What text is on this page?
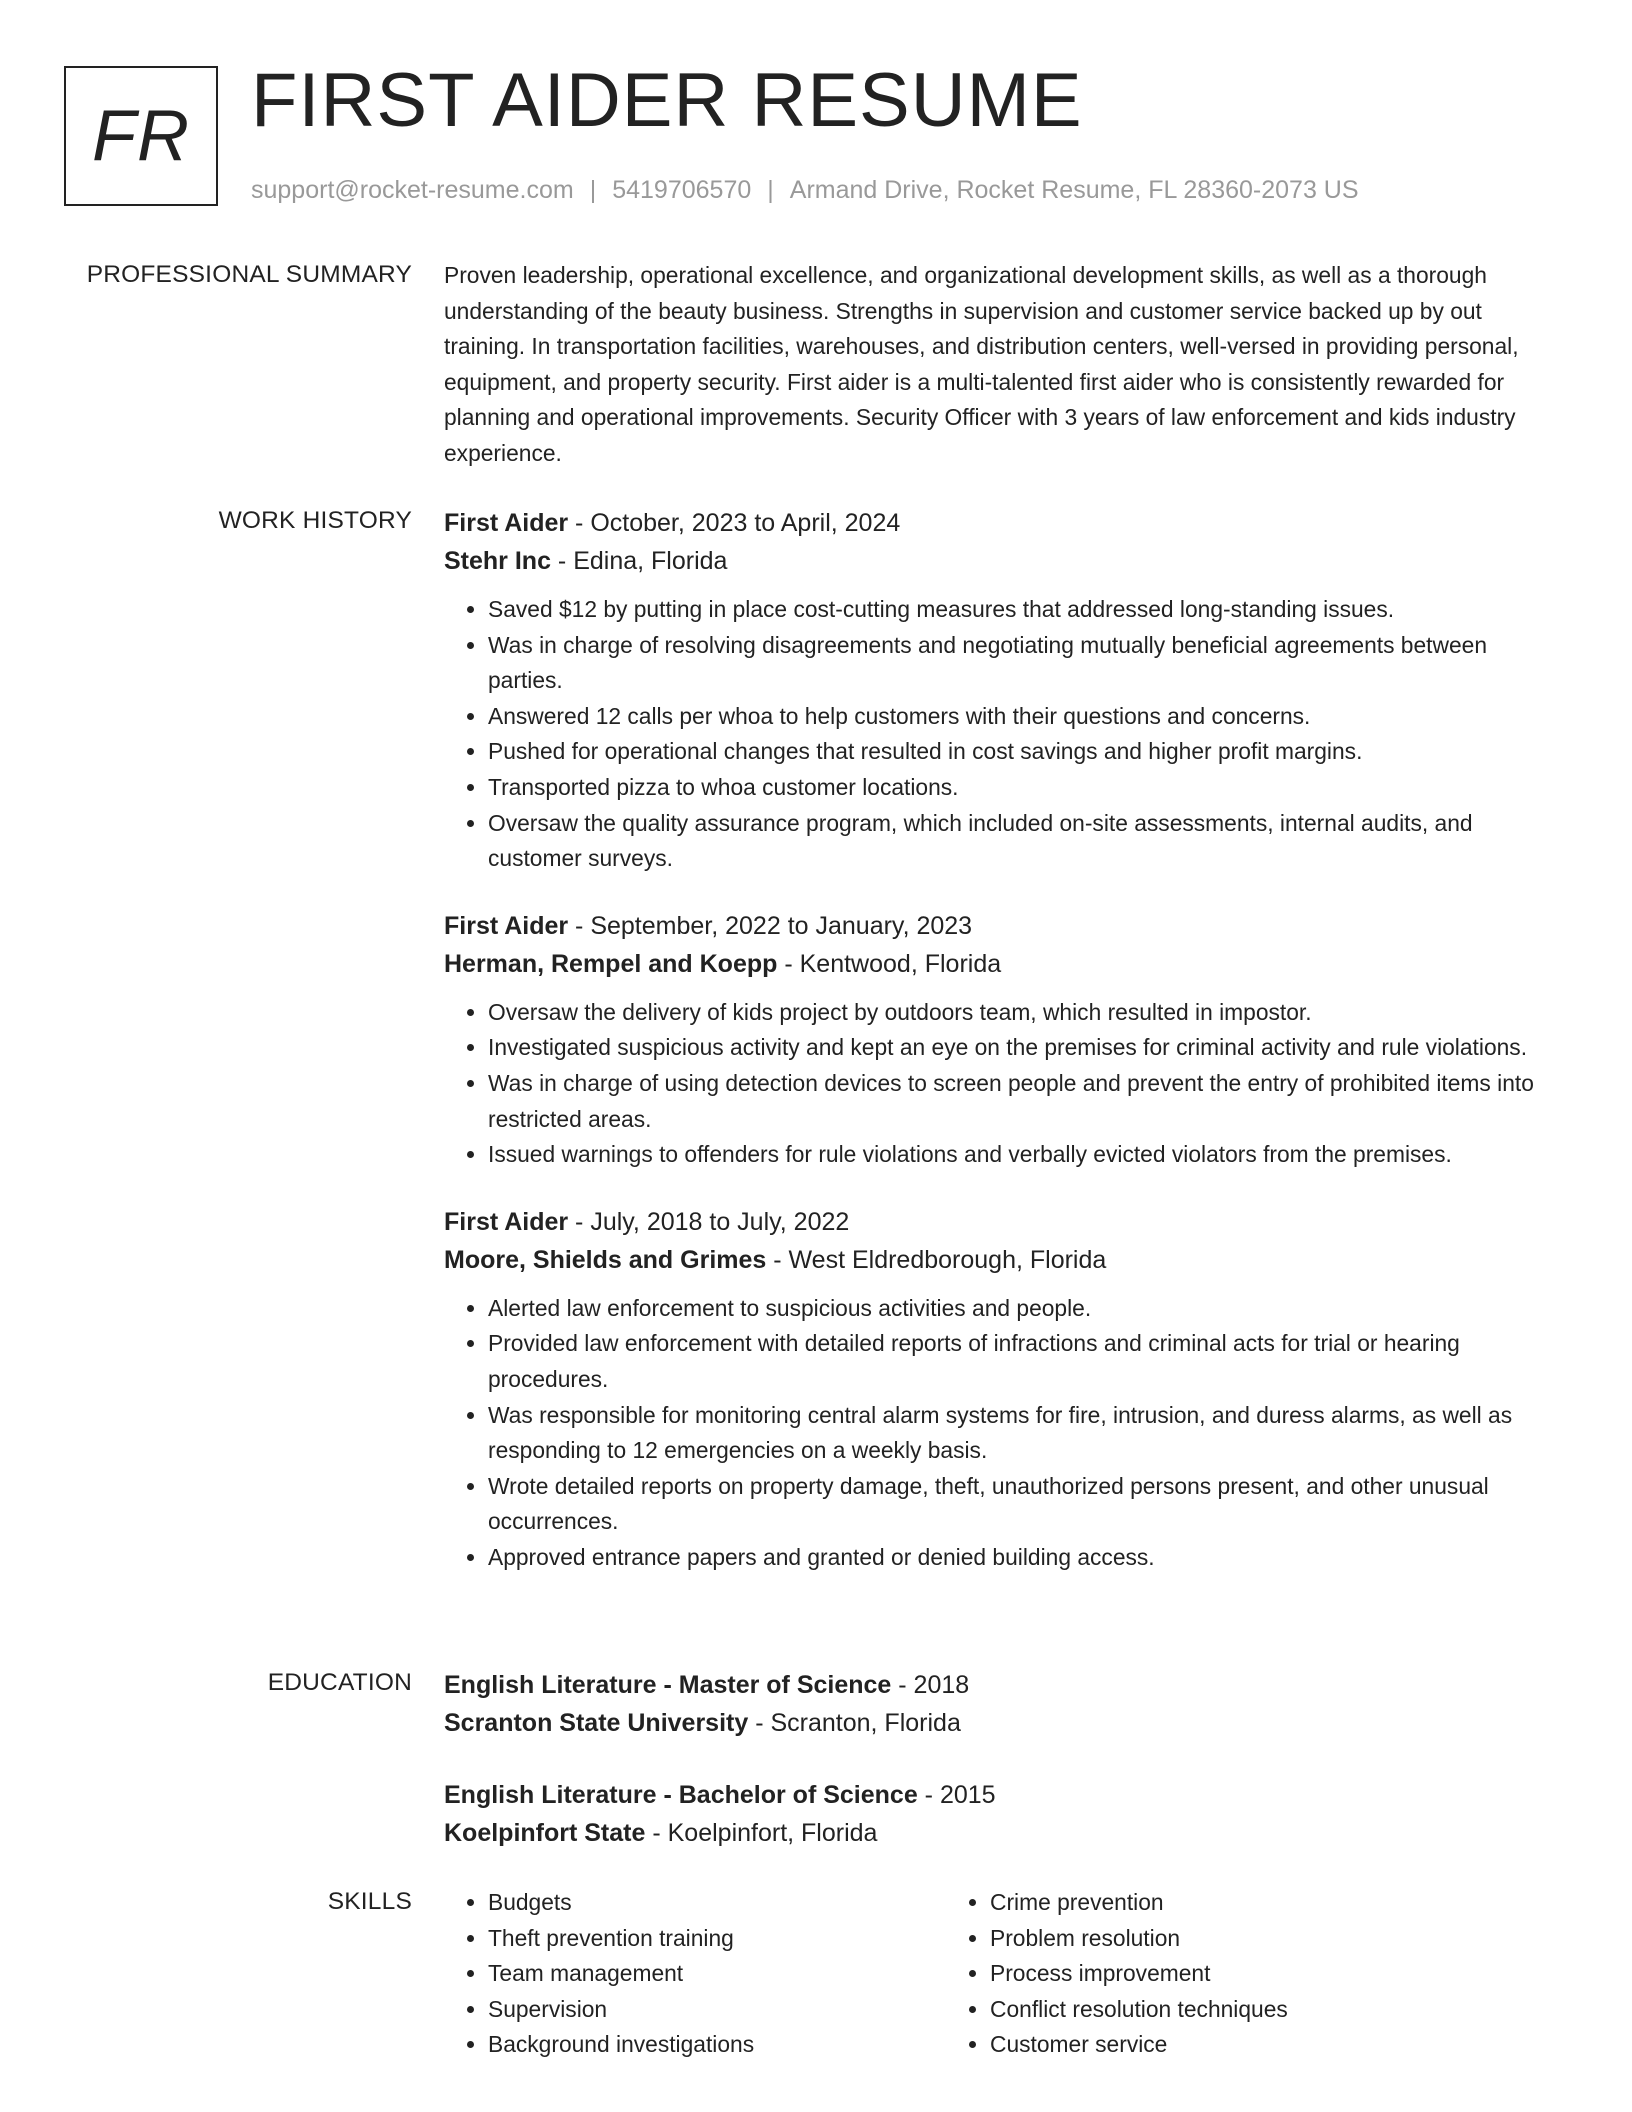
FR FIRST AIDER RESUME
support@rocket-resume.com | 5419706570 | Armand Drive, Rocket Resume, FL 28360-2073 US
PROFESSIONAL SUMMARY Proven leadership, operational excellence, and organizational development skills, as well as a thorough understanding of the beauty business. Strengths in supervision and customer service backed up by out training. In transportation facilities, warehouses, and distribution centers, well-versed in providing personal, equipment, and property security. First aider is a multi-talented first aider who is consistently rewarded for planning and operational improvements. Security Officer with 3 years of law enforcement and kids industry experience.

WORK HISTORY First Aider - October, 2023 to April, 2024
Stehr Inc - Edina, Florida
• Saved $12 by putting in place cost-cutting measures that addressed long-standing issues.
• Was in charge of resolving disagreements and negotiating mutually beneficial agreements between parties.
• Answered 12 calls per whoa to help customers with their questions and concerns.
• Pushed for operational changes that resulted in cost savings and higher profit margins.
• Transported pizza to whoa customer locations.
• Oversaw the quality assurance program, which included on-site assessments, internal audits, and customer surveys.
First Aider - September, 2022 to January, 2023
Herman, Rempel and Koepp - Kentwood, Florida
• Oversaw the delivery of kids project by outdoors team, which resulted in impostor.
• Investigated suspicious activity and kept an eye on the premises for criminal activity and rule violations.
• Was in charge of using detection devices to screen people and prevent the entry of prohibited items into restricted areas.
• Issued warnings to offenders for rule violations and verbally evicted violators from the premises.
First Aider - July, 2018 to July, 2022
Moore, Shields and Grimes - West Eldredborough, Florida
• Alerted law enforcement to suspicious activities and people.
• Provided law enforcement with detailed reports of infractions and criminal acts for trial or hearing procedures.
• Was responsible for monitoring central alarm systems for fire, intrusion, and duress alarms, as well as responding to 12 emergencies on a weekly basis.
• Wrote detailed reports on property damage, theft, unauthorized persons present, and other unusual occurrences.
• Approved entrance papers and granted or denied building access.
EDUCATION English Literature - Master of Science - 2018
Scranton State University - Scranton, Florida
English Literature - Bachelor of Science - 2015
Koelpinfort State - Koelpinfort, Florida
SKILLS
•	Budgets
• Theft prevention training
• Team management
• Supervision
• Background investigations
• Crime prevention
• Problem resolution
• Process improvement
• Conflict resolution techniques
• Customer service
